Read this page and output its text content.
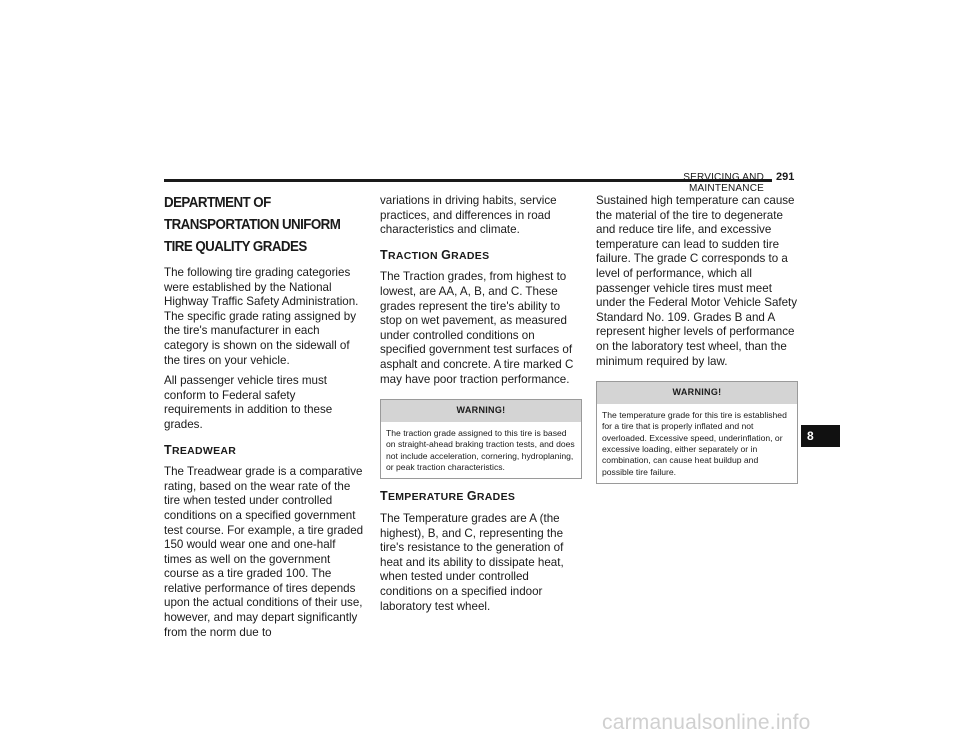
SERVICING AND MAINTENANCE
291
DEPARTMENT OF TRANSPORTATION UNIFORM TIRE QUALITY GRADES

The following tire grading categories were established by the National Highway Traffic Safety Administration. The specific grade rating assigned by the tire's manufacturer in each category is shown on the sidewall of the tires on your vehicle.

All passenger vehicle tires must conform to Federal safety requirements in addition to these grades.

TREADWEAR

The Treadwear grade is a comparative rating, based on the wear rate of the tire when tested under controlled conditions on a specified government test course. For example, a tire graded 150 would wear one and one-half times as well on the government course as a tire graded 100. The relative performance of tires depends upon the actual conditions of their use, however, and may depart significantly from the norm due to

variations in driving habits, service practices, and differences in road characteristics and climate.

TRACTION GRADES

The Traction grades, from highest to lowest, are AA, A, B, and C. These grades represent the tire's ability to stop on wet pavement, as measured under controlled conditions on specified government test surfaces of asphalt and concrete. A tire marked C may have poor traction performance.

WARNING!
The traction grade assigned to this tire is based on straight-ahead braking traction tests, and does not include acceleration, cornering, hydroplaning, or peak traction characteristics.
TEMPERATURE GRADES

The Temperature grades are A (the highest), B, and C, representing the tire's resistance to the generation of heat and its ability to dissipate heat, when tested under controlled conditions on a specified indoor laboratory test wheel.

Sustained high temperature can cause the material of the tire to degenerate and reduce tire life, and excessive temperature can lead to sudden tire failure. The grade C corresponds to a level of performance, which all passenger vehicle tires must meet under the Federal Motor Vehicle Safety Standard No. 109. Grades B and A represent higher levels of performance on the laboratory test wheel, than the minimum required by law.

WARNING!
The temperature grade for this tire is established for a tire that is properly inflated and not overloaded. Excessive speed, underinflation, or excessive loading, either separately or in combination, can cause heat buildup and possible tire failure.
8
carmanualsonline.info
